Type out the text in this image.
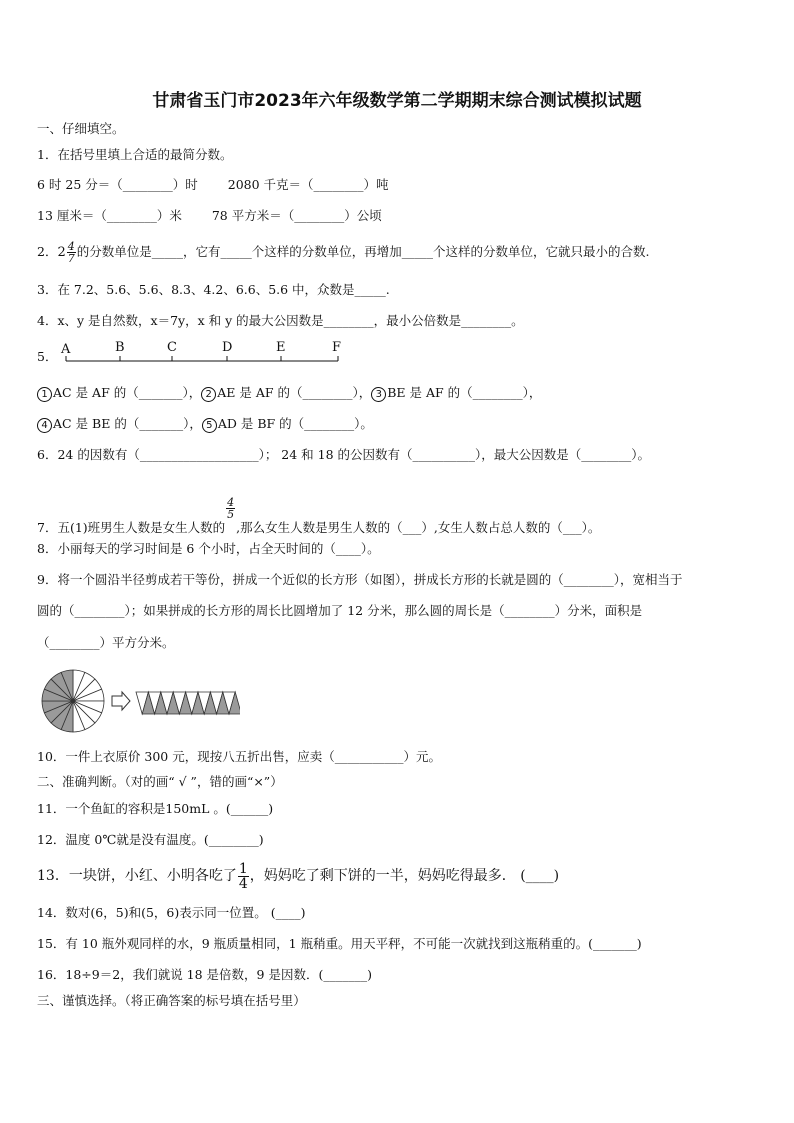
甘肃省玉门市2023年六年级数学第二学期期末综合测试模拟试题
一、仔细填空。
1．在括号里填上合适的最简分数。
6 时 25 分＝（________）时 2080 千克＝（________）吨
13 厘米＝（________）米 78 平方米＝（________）公顷
2．$2 \frac{4}{7}$ 的分数单位是_____，它有_____个这样的分数单位，再增加_____个这样的分数单位，它就只最小的合数.
3．在 7.2、5.6、5.6、8.3、4.2、6.6、5.6 中，众数是_____.
4．x、y 是自然数，x＝7y，x 和 y 的最大公因数是________，最小公倍数是________。
5． A	B	C	D	E	F
1 AC 是 AF 的（_______）， 2 AE 是 AF 的（________）， 3 BE 是 AF 的（________），
4 AC 是 BE 的（_______）， 5 AD 是 BF 的（________）。
6．24 的因数有（___________________）； 24 和 18 的公因数有（__________），最大公因数是（________）。
7．五(1)班男生人数是女生人数的
$\frac{4}{5}$
,那么女生人数是男生人数的（___）,女生人数占总人数的（___）。
8．小丽每天的学习时间是 6 个小时，占全天时间的（____）。
9．将一个圆沿半径剪成若干等份，拼成一个近似的长方形（如图），拼成长方形的长就是圆的（________），宽相当于
圆的（________）；如果拼成的长方形的周长比圆增加了 12 分米，那么圆的周长是（________）分米，面积是
（________）平方分米。
10．一件上衣原价 300 元，现按八五折出售，应卖（___________）元。
二、准确判断。（对的画“ √ ”，错的画“×”）
11．一个鱼缸的容积是150mL 。(______)
12．温度 0℃就是没有温度。(________)
13．一块饼，小红、小明各吃了 $\frac{1}{4}$ ，妈妈吃了剩下饼的一半，妈妈吃得最多． (____)
14．数对(6，5)和(5，6)表示同一位置。 (____)
15．有 10 瓶外观同样的水，9 瓶质量相同，1 瓶稍重。用天平秤，不可能一次就找到这瓶稍重的。(_______)
16．18÷9＝2，我们就说 18 是倍数，9 是因数．(_______)
三、谨慎选择。（将正确答案的标号填在括号里）
